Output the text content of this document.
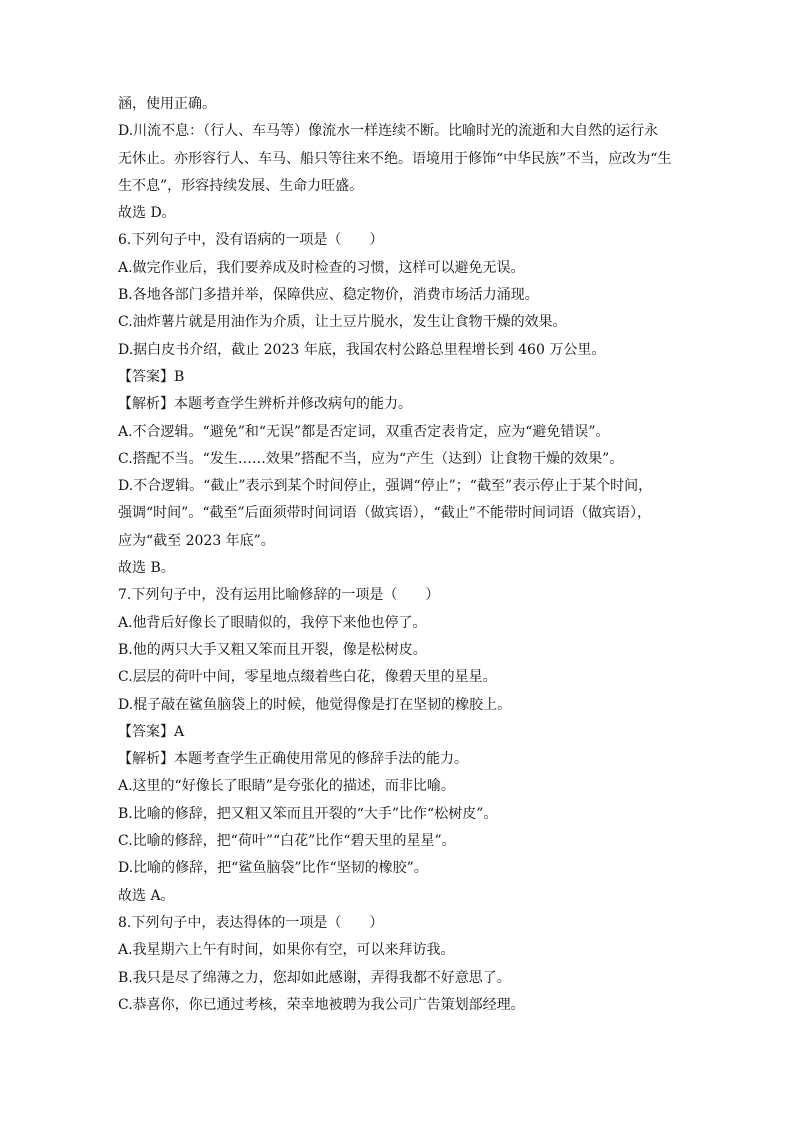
涵，使用正确。
D.川流不息：（行人、车马等）像流水一样连续不断。比喻时光的流逝和大自然的运行永
无休止。亦形容行人、车马、船只等往来不绝。语境用于修饰“中华民族”不当，应改为“生
生不息”，形容持续发展、生命力旺盛。
故选 D。
6.下列句子中，没有语病的一项是（　　）
A.做完作业后，我们要养成及时检查的习惯，这样可以避免无误。
B.各地各部门多措并举，保障供应、稳定物价，消费市场活力涌现。
C.油炸薯片就是用油作为介质，让土豆片脱水，发生让食物干燥的效果。
D.据白皮书介绍，截止 2023 年底，我国农村公路总里程增长到 460 万公里。
【答案】B
【解析】本题考查学生辨析并修改病句的能力。
A.不合逻辑。“避免”和“无误”都是否定词，双重否定表肯定，应为“避免错误”。
C.搭配不当。“发生……效果”搭配不当，应为“产生（达到）让食物干燥的效果”。
D.不合逻辑。“截止”表示到某个时间停止，强调“停止”；“截至”表示停止于某个时间，
强调“时间”。“截至”后面须带时间词语（做宾语），“截止”不能带时间词语（做宾语），
应为“截至 2023 年底”。
故选 B。
7.下列句子中，没有运用比喻修辞的一项是（　　）
A.他背后好像长了眼睛似的，我停下来他也停了。
B.他的两只大手又粗又笨而且开裂，像是松树皮。
C.层层的荷叶中间，零星地点缀着些白花，像碧天里的星星。
D.棍子敲在鲨鱼脑袋上的时候，他觉得像是打在坚韧的橡胶上。
【答案】A
【解析】本题考查学生正确使用常见的修辞手法的能力。
A.这里的“好像长了眼睛”是夸张化的描述，而非比喻。
B.比喻的修辞，把又粗又笨而且开裂的“大手”比作“松树皮”。
C.比喻的修辞，把“荷叶”“白花”比作“碧天里的星星”。
D.比喻的修辞，把“鲨鱼脑袋”比作“坚韧的橡胶”。
故选 A。
8.下列句子中，表达得体的一项是（　　）
A.我星期六上午有时间，如果你有空，可以来拜访我。
B.我只是尽了绵薄之力，您却如此感谢，弄得我都不好意思了。
C.恭喜你，你已通过考核，荣幸地被聘为我公司广告策划部经理。
